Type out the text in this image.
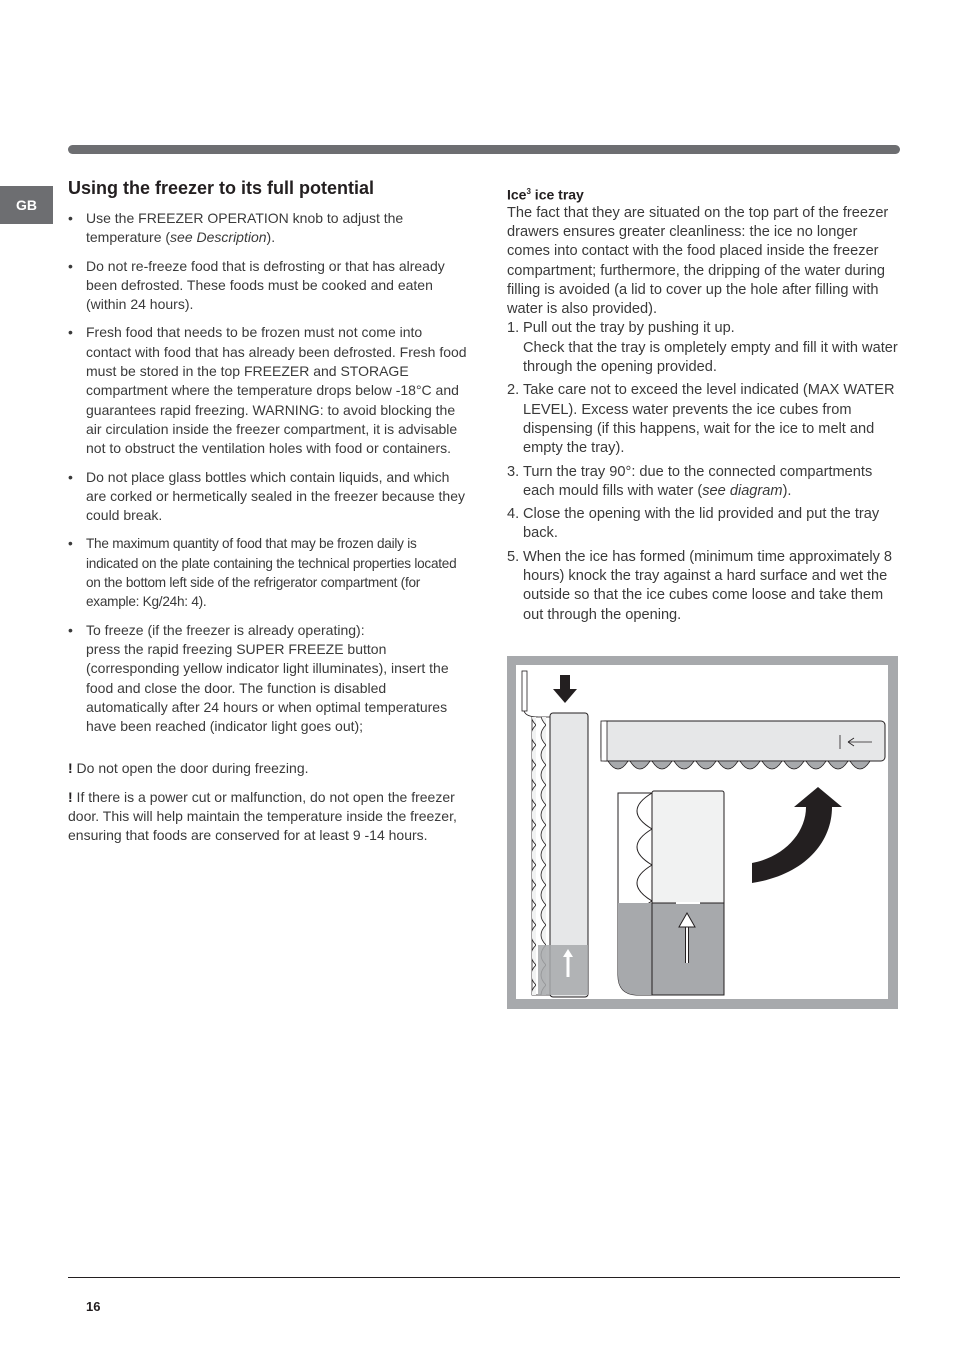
GB
Using the freezer to its full potential
• Use the FREEZER OPERATION knob to adjust the temperature (see Description).
• Do not re-freeze food that is defrosting or that has already been defrosted. These foods must be cooked and eaten (within 24 hours).
• Fresh food that needs to be frozen must not come into contact with food that has already been defrosted. Fresh food must be stored in the top FREEZER and STORAGE compartment where the temperature drops below -18°C and guarantees rapid freezing. WARNING: to avoid blocking the air circulation inside the freezer compartment, it is advisable not to obstruct the ventilation holes with food or containers.
• Do not place glass bottles which contain liquids, and which are corked or hermetically sealed in the freezer because they could break.
• The maximum quantity of food that may be frozen daily is indicated on the plate containing the technical properties located on the bottom left side of the refrigerator compartment (for example: Kg/24h: 4).
• To freeze (if the freezer is already operating):
press the rapid freezing SUPER FREEZE button (corresponding yellow indicator light illuminates), insert the food and close the door. The function is disabled automatically after 24 hours or when optimal temperatures have been reached (indicator light goes out);

! Do not open the door during freezing.

! If there is a power cut or malfunction, do not open the freezer door. This will help maintain the temperature inside the freezer, ensuring that foods are conserved for at least 9 -14 hours.

Ice$^3$ ice tray

The fact that they are situated on the top part of the freezer drawers ensures greater cleanliness: the ice no longer comes into contact with the food placed inside the freezer compartment; furthermore, the dripping of the water during filling is avoided (a lid to cover up the hole after filling with water is also provided).

1. Pull out the tray by pushing it up.
Check that the tray is ompletely empty and fill it with water through the opening provided.
2. Take care not to exceed the level indicated (MAX WATER LEVEL). Excess water prevents the ice cubes from dispensing (if this happens, wait for the ice to melt and empty the tray).
3. Turn the tray 90°: due to the connected compartments each mould fills with water (see diagram).
4. Close the opening with the lid provided and put the tray back.
5. When the ice has formed (minimum time approximately 8 hours) knock the tray against a hard surface and wet the outside so that the ice cubes come loose and take them out through the opening.
16
